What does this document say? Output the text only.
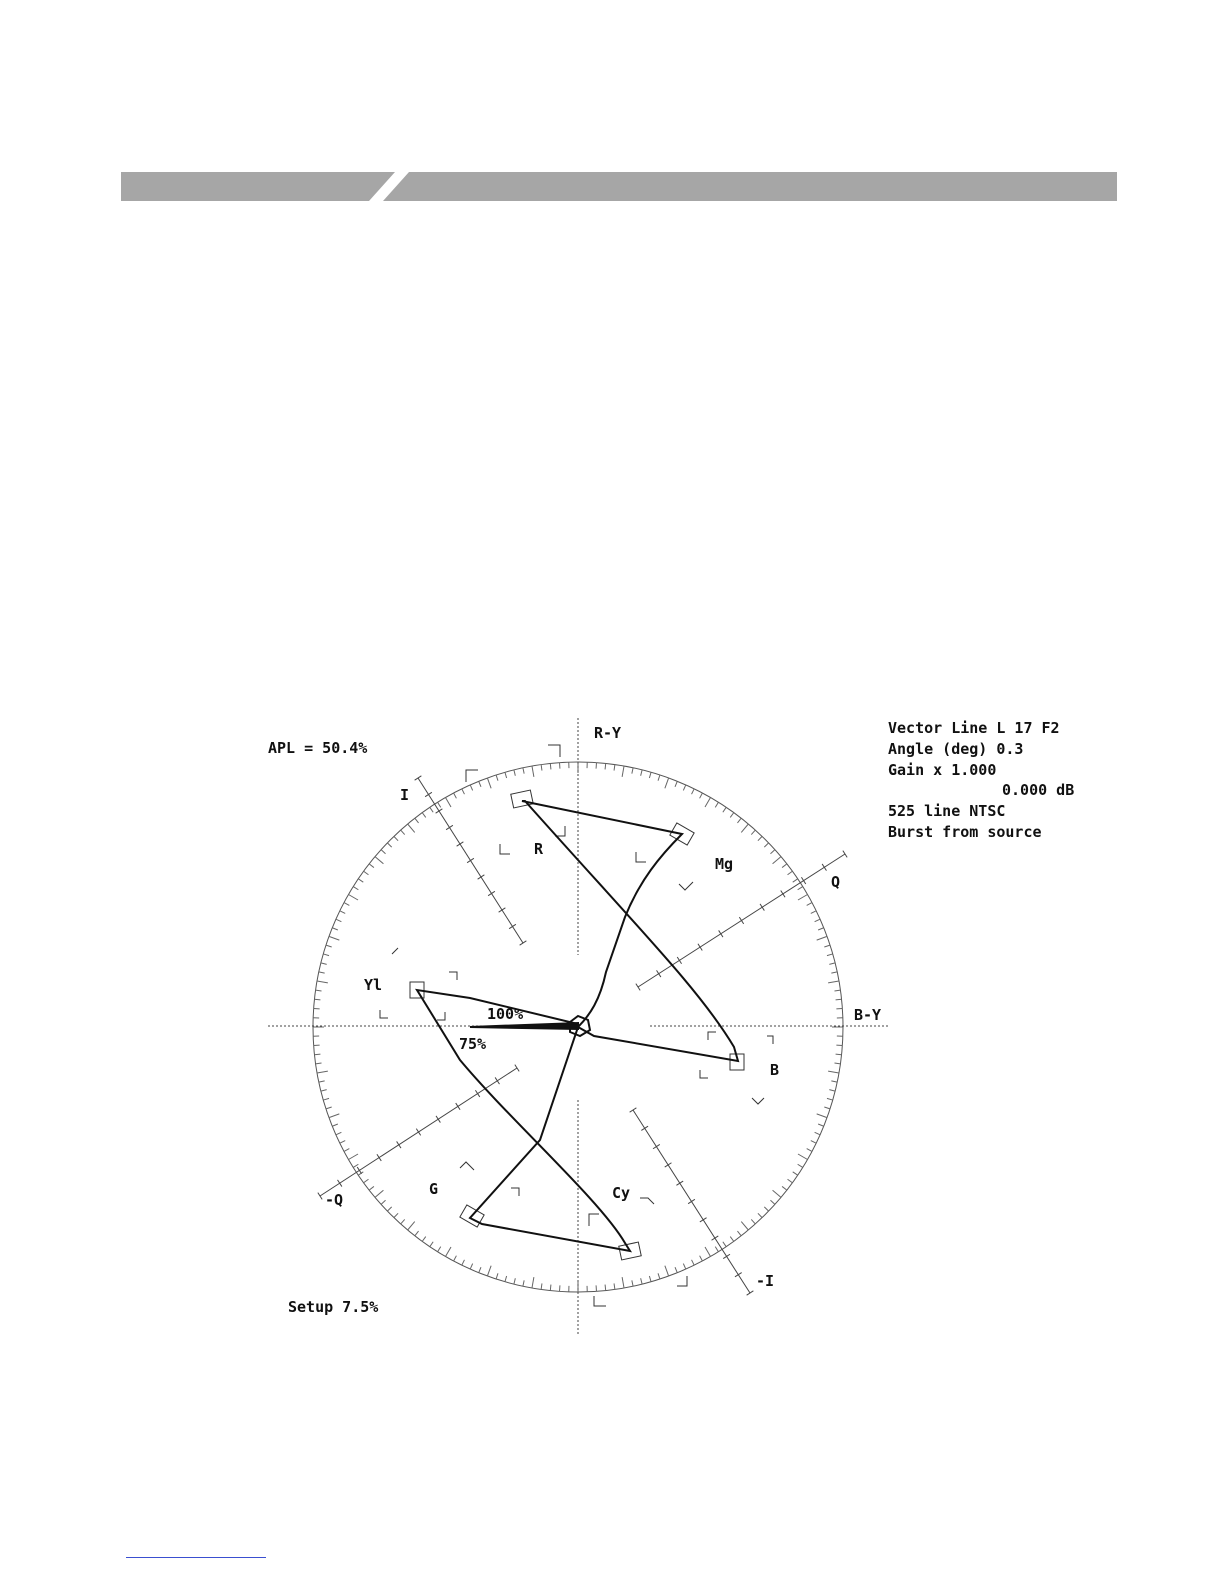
R-Y
B-Y
I
Q
-Q
-I
R
Mg
B
Cy
G
Yl
100%
75%
APL = 50.4%
Setup 7.5%
Vector Line L 17 F2
Angle (deg) 0.3
Gain x 1.000
0.000 dB
525 line NTSC
Burst from source
